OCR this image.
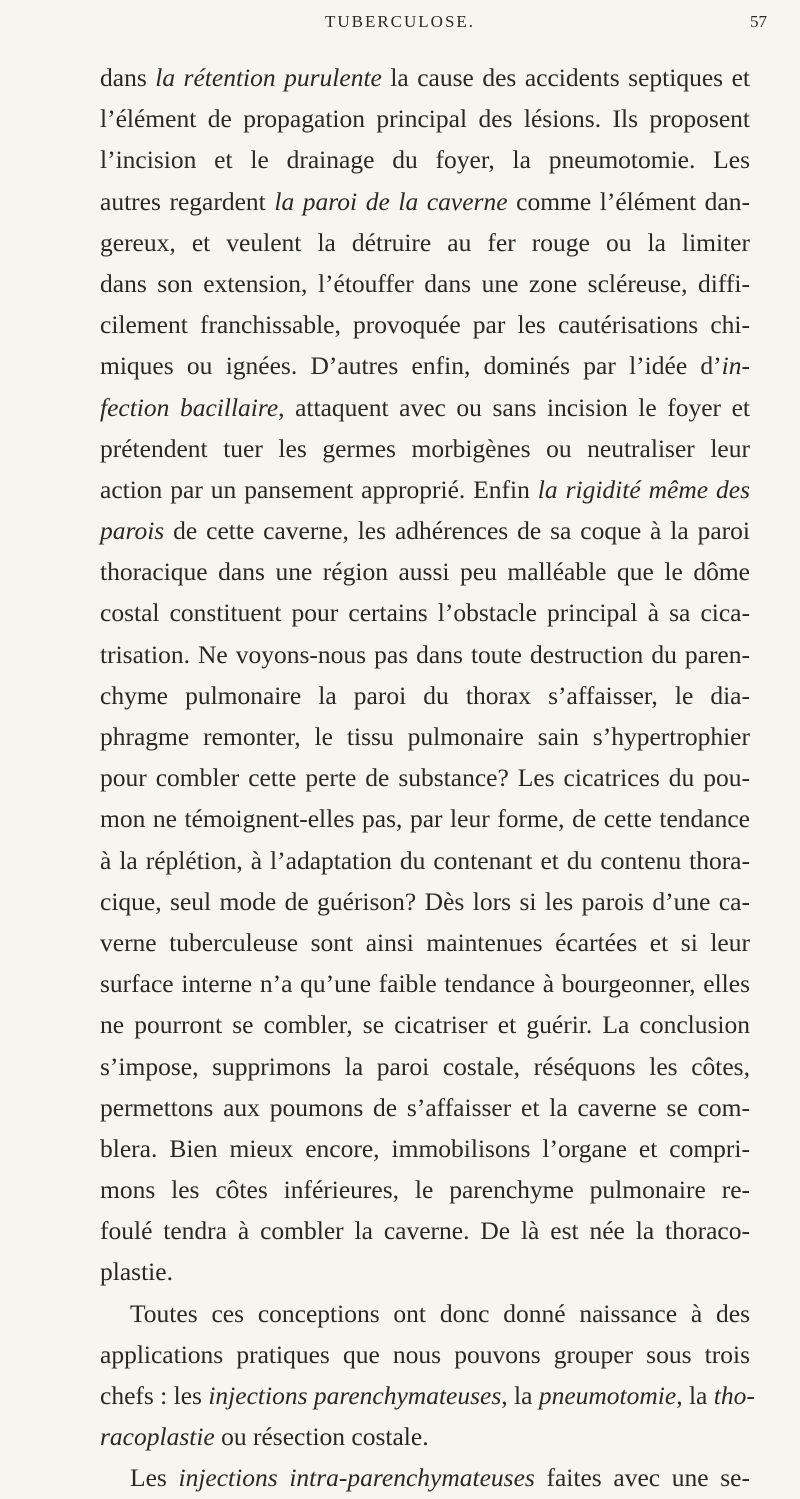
TUBERCULOSE.	57
dans la rétention purulente la cause des accidents septiques et
l’élément de propagation principal des lésions. Ils proposent
l’incision et le drainage du foyer, la pneumotomie. Les
autres regardent la paroi de la caverne comme l’élément dan-
gereux, et veulent la détruire au fer rouge ou la limiter
dans son extension, l’étouffer dans une zone scléreuse, diffi-
cilement franchissable, provoquée par les cautérisations chi-
miques ou ignées. D’autres enfin, dominés par l’idée d’in-
fection bacillaire, attaquent avec ou sans incision le foyer et
prétendent tuer les germes morbigènes ou neutraliser leur
action par un pansement approprié. Enfin la rigidité même des
parois de cette caverne, les adhérences de sa coque à la paroi
thoracique dans une région aussi peu malléable que le dôme
costal constituent pour certains l’obstacle principal à sa cica-
trisation. Ne voyons-nous pas dans toute destruction du paren-
chyme pulmonaire la paroi du thorax s’affaisser, le dia-
phragme remonter, le tissu pulmonaire sain s’hypertrophier
pour combler cette perte de substance? Les cicatrices du pou-
mon ne témoignent-elles pas, par leur forme, de cette tendance
à la réplétion, à l’adaptation du contenant et du contenu thora-
cique, seul mode de guérison? Dès lors si les parois d’une ca-
verne tuberculeuse sont ainsi maintenues écartées et si leur
surface interne n’a qu’une faible tendance à bourgeonner, elles
ne pourront se combler, se cicatriser et guérir. La conclusion
s’impose, supprimons la paroi costale, réséquons les côtes,
permettons aux poumons de s’affaisser et la caverne se com-
blera. Bien mieux encore, immobilisons l’organe et compri-
mons les côtes inférieures, le parenchyme pulmonaire re-
foulé tendra à combler la caverne. De là est née la thoraco-
plastie.
Toutes ces conceptions ont donc donné naissance à des
applications pratiques que nous pouvons grouper sous trois
chefs : les injections parenchymateuses, la pneumotomie, la tho-
racoplastie ou résection costale.
Les injections intra-parenchymateuses faites avec une se-
